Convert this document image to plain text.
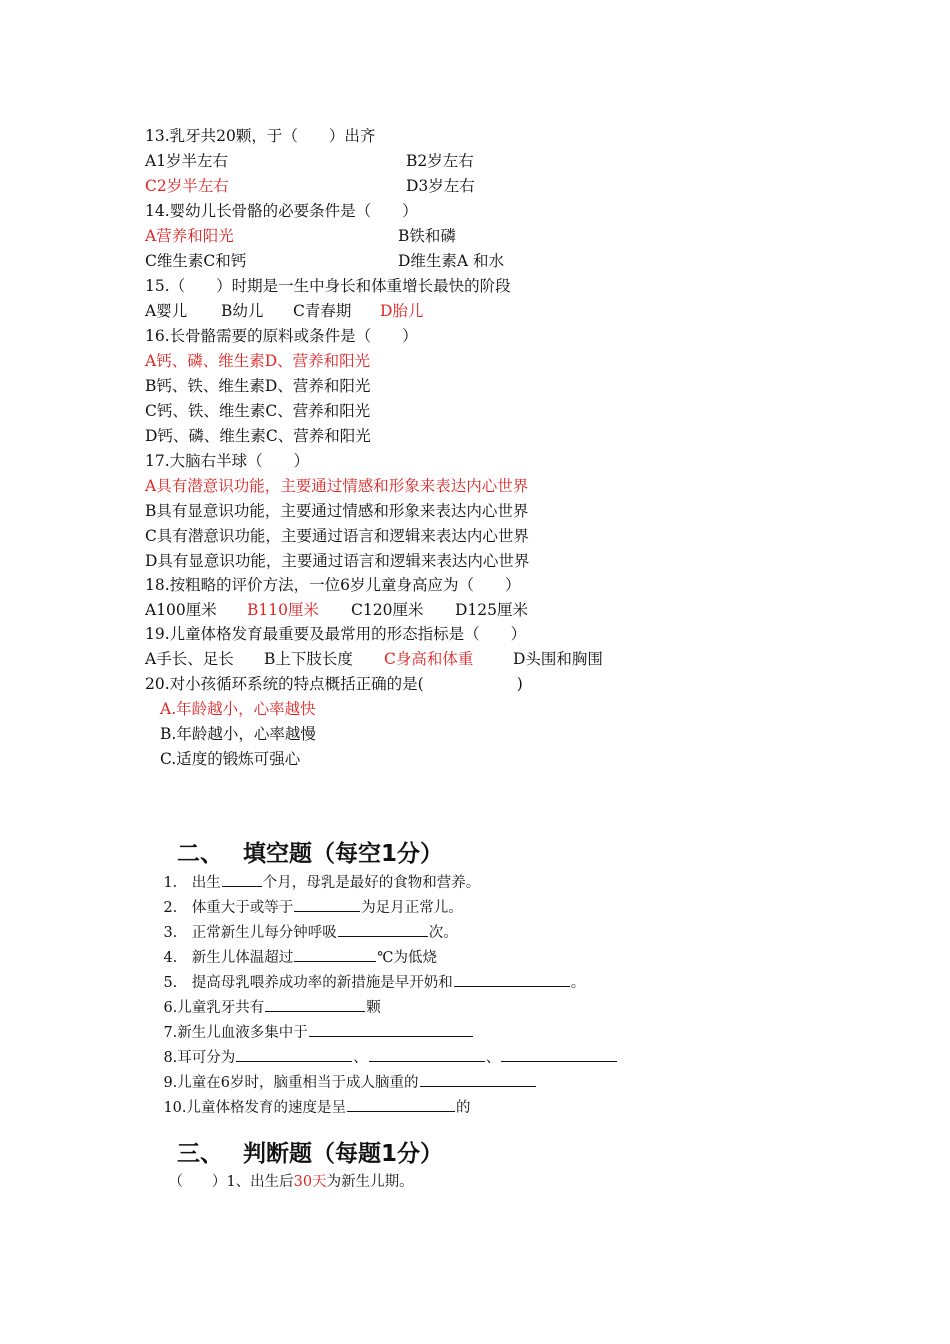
13.乳牙共20颗，于（　　）出齐

A1岁半左右

	B2岁左右

C2岁半左右

	D3岁左右

14.婴幼儿长骨骼的必要条件是（　　）

A营养和阳光

	B铁和磷

C维生素C和钙

	D维生素A 和水

15.（　　）时期是一生中身长和体重增长最快的阶段

A婴儿

B幼儿

C青春期

D胎儿

16.长骨骼需要的原料或条件是（　　）
A钙、磷、维生素D、营养和阳光
B钙、铁、维生素D、营养和阳光
C钙、铁、维生素C、营养和阳光
D钙、磷、维生素C、营养和阳光
17.大脑右半球（　　）
A具有潜意识功能，主要通过情感和形象来表达内心世界
B具有显意识功能，主要通过情感和形象来表达内心世界
C具有潜意识功能，主要通过语言和逻辑来表达内心世界
D具有显意识功能，主要通过语言和逻辑来表达内心世界
18.按粗略的评价方法，一位6岁儿童身高应为（　　）

A100厘米

B110厘米

C120厘米

D125厘米

19.儿童体格发育最重要及最常用的形态指标是（　　）

A手长、足长

B上下肢长度

C身高和体重

	D头围和胸围

20.对小孩循环系统的特点概括正确的是(　　　　　　)
A.年龄越小，心率越快
B.年龄越小，心率越慢
C.适度的锻炼可强心

二、 填空题（每空1分）

1.　出生	个月，母乳是最好的食物和营养。

2.　体重大于或等于	为足月正常儿。

3.　正常新生儿每分钟呼吸	次。

4.　新生儿体温超过	℃为低烧

5.　提高母乳喂养成功率的新措施是早开奶和	。

6.儿童乳牙共有	颗

7.新生儿血液多集中于

8.耳可分为	、	、

9.儿童在6岁时，脑重相当于成人脑重的

10.儿童体格发育的速度是呈	的

三、 判断题（每题1分）

（　　）1、出生后30天为新生儿期。
